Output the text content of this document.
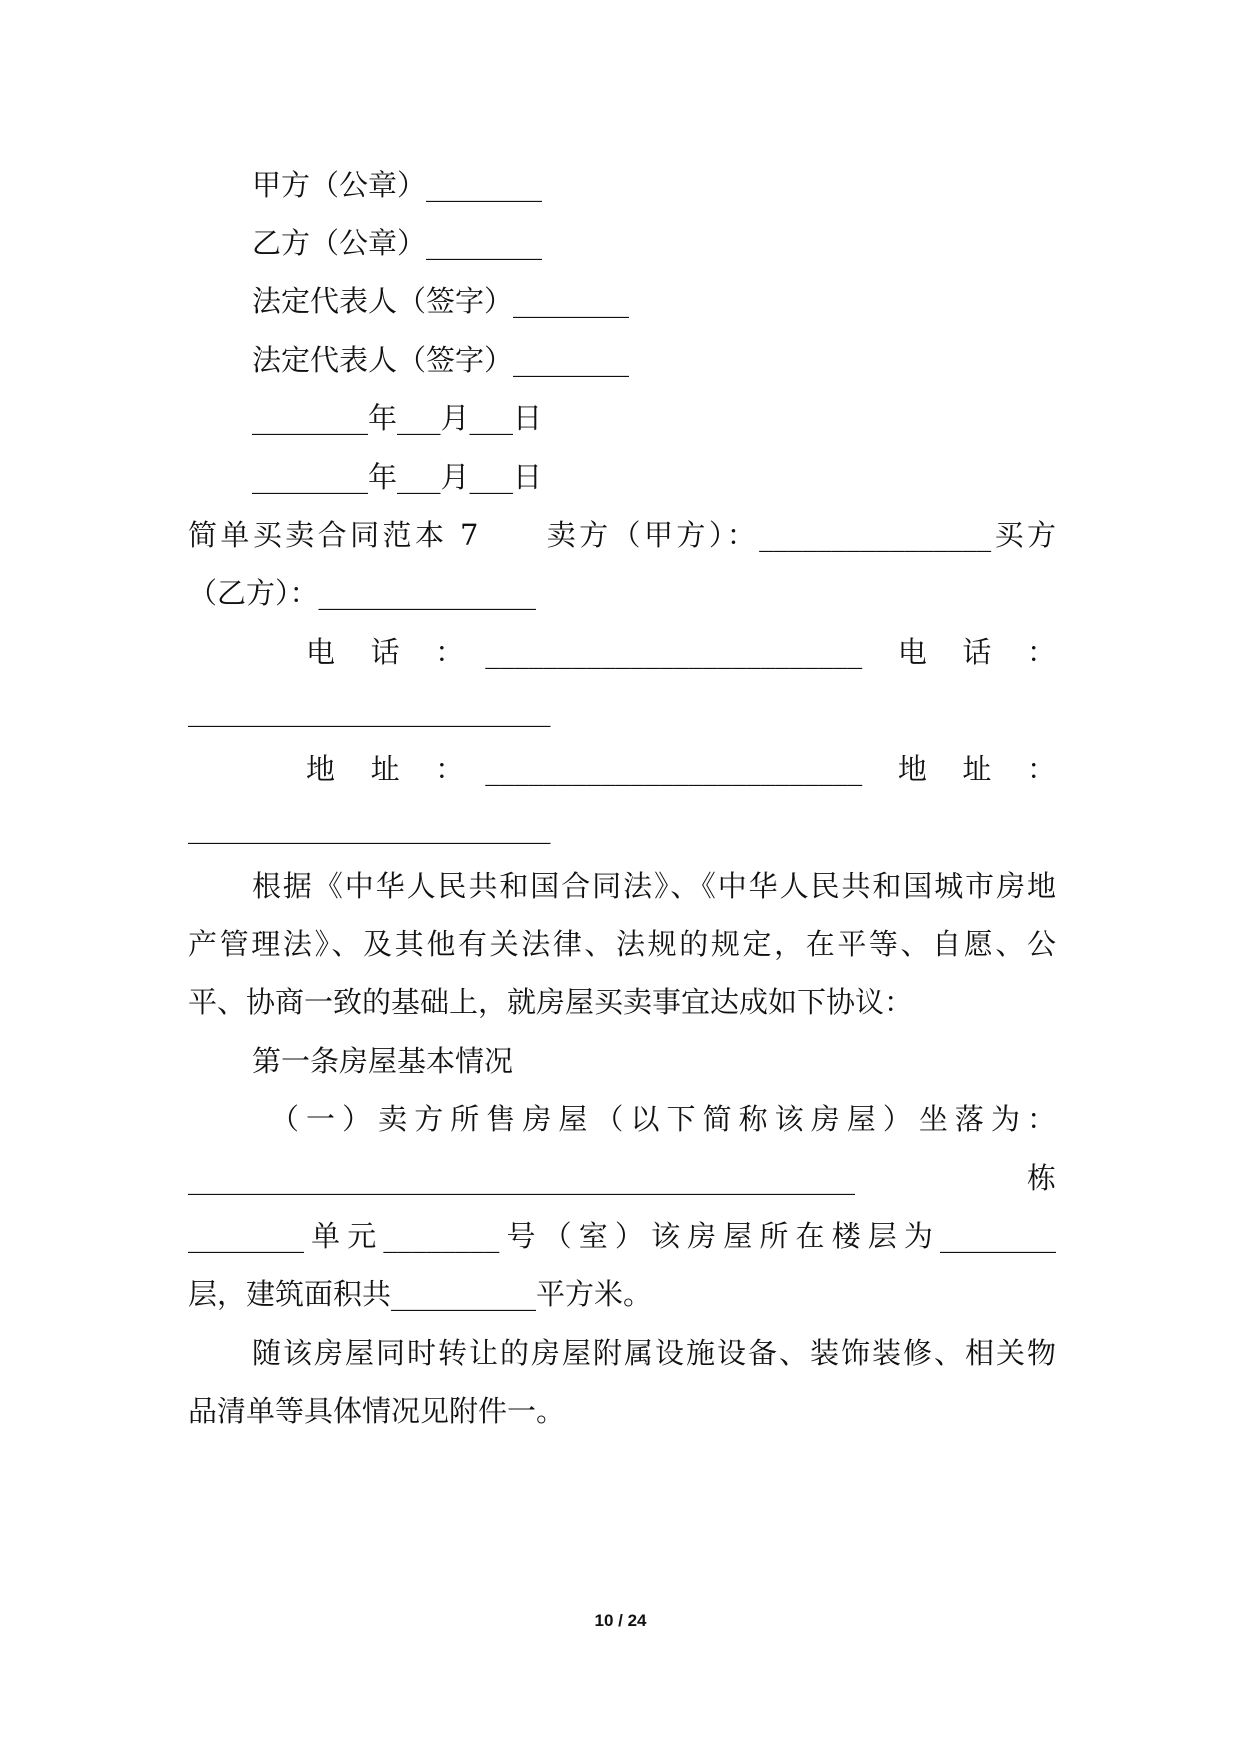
甲方（公章）________
乙方（公章）________
法定代表人（签字）________
法定代表人（签字）________
________年___月___日
________年___月___日
简单买卖合同范本 7　　卖方（甲方）：________________买方
（乙方）：_______________
电　话　：　__________________________　电　话　：
_________________________
地　址　：　__________________________　地　址　：
_________________________
根据《中华人民共和国合同法》、《中华人民共和国城市房地
产管理法》、及其他有关法律、法规的规定，在平等、自愿、公
平、协商一致的基础上，就房屋买卖事宜达成如下协议：
第一条房屋基本情况
（一）卖方所售房屋（以下简称该房屋）坐落为：
______________________________________________　　　　　栋
________单元________号（室）该房屋所在楼层为________
层，建筑面积共__________平方米。
随该房屋同时转让的房屋附属设施设备、装饰装修、相关物
品清单等具体情况见附件一。
10 / 24
